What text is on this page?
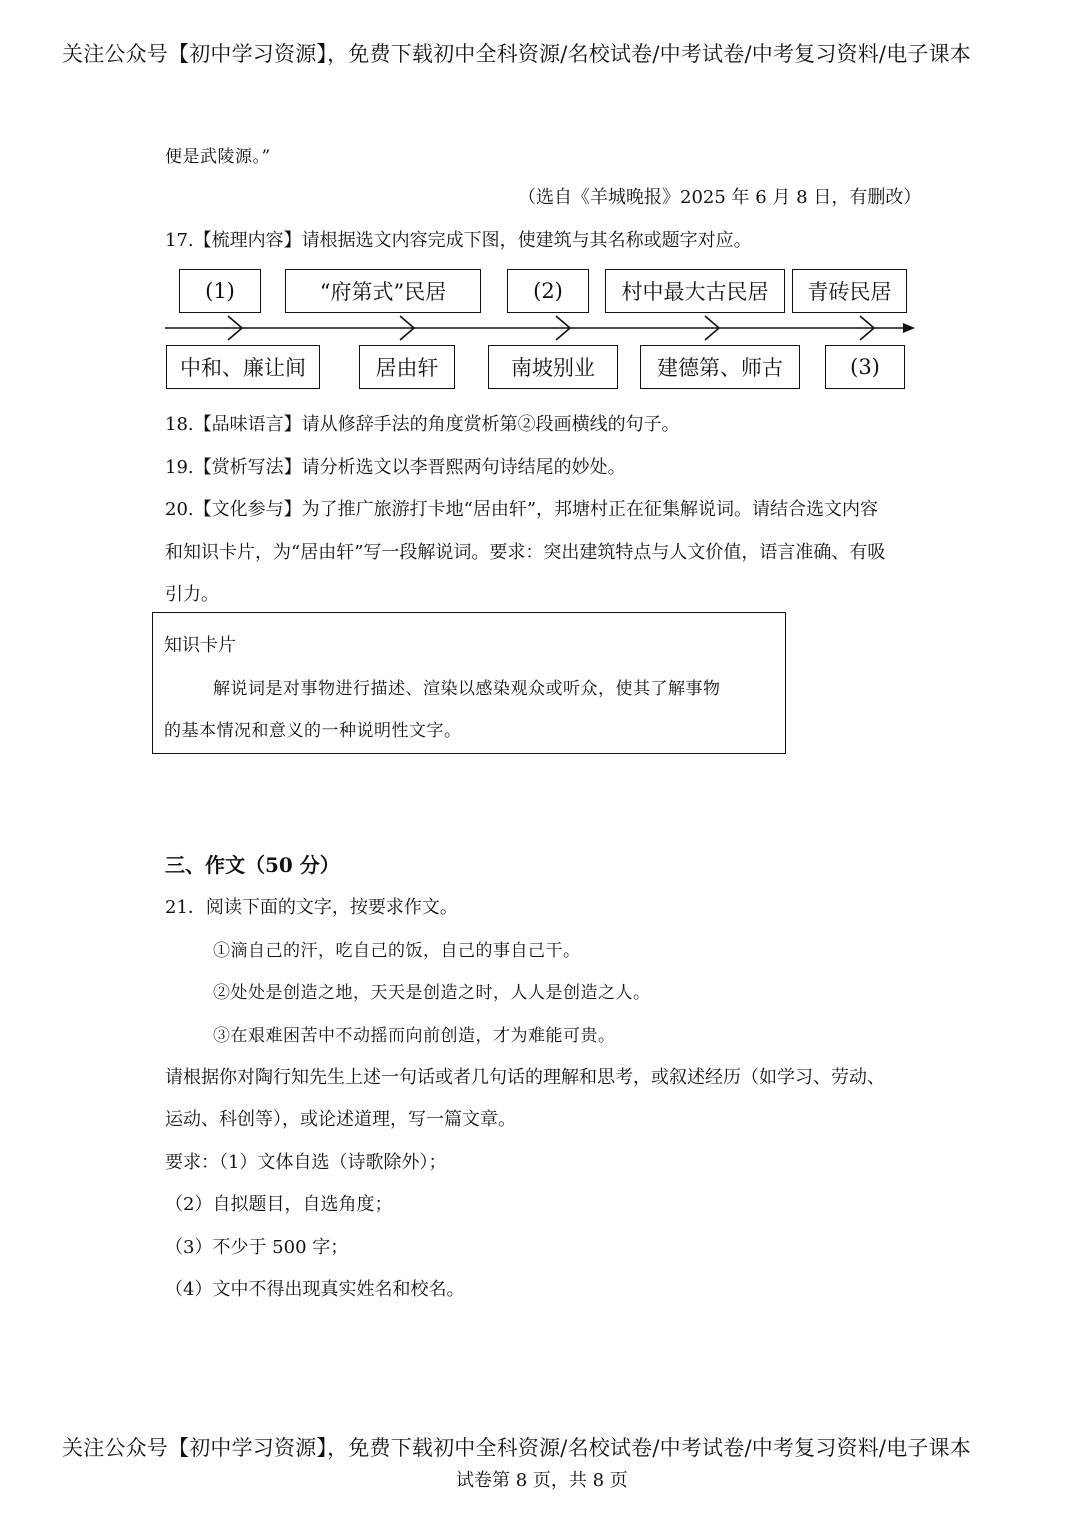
关注公众号【初中学习资源】，免费下载初中全科资源/名校试卷/中考试卷/中考复习资料/电子课本
便是武陵源。”
（选自《羊城晚报》2025 年 6 月 8 日，有删改）
17.【梳理内容】请根据选文内容完成下图，使建筑与其名称或题字对应。
(1)	“府第式”民居	(2)	村中最大古民居	青砖民居
中和、廉让间	居由轩	南坡别业	建德第、师古	(3)
18.【品味语言】请从修辞手法的角度赏析第②段画横线的句子。
19.【赏析写法】请分析选文以李晋熙两句诗结尾的妙处。
20.【文化参与】为了推广旅游打卡地“居由轩”，邦塘村正在征集解说词。请结合选文内容
和知识卡片，为“居由轩”写一段解说词。要求：突出建筑特点与人文价值，语言准确、有吸
引力。
知识卡片
解说词是对事物进行描述、渲染以感染观众或听众，使其了解事物
的基本情况和意义的一种说明性文字。
三、作文（50 分）
21．阅读下面的文字，按要求作文。
①滴自己的汗，吃自己的饭，自己的事自己干。
②处处是创造之地，天天是创造之时，人人是创造之人。
③在艰难困苦中不动摇而向前创造，才为难能可贵。
请根据你对陶行知先生上述一句话或者几句话的理解和思考，或叙述经历（如学习、劳动、
运动、科创等），或论述道理，写一篇文章。
要求：（1）文体自选（诗歌除外）；
（2）自拟题目，自选角度；
（3）不少于 500 字；
（4）文中不得出现真实姓名和校名。
关注公众号【初中学习资源】，免费下载初中全科资源/名校试卷/中考试卷/中考复习资料/电子课本
试卷第 8 页，共 8 页
